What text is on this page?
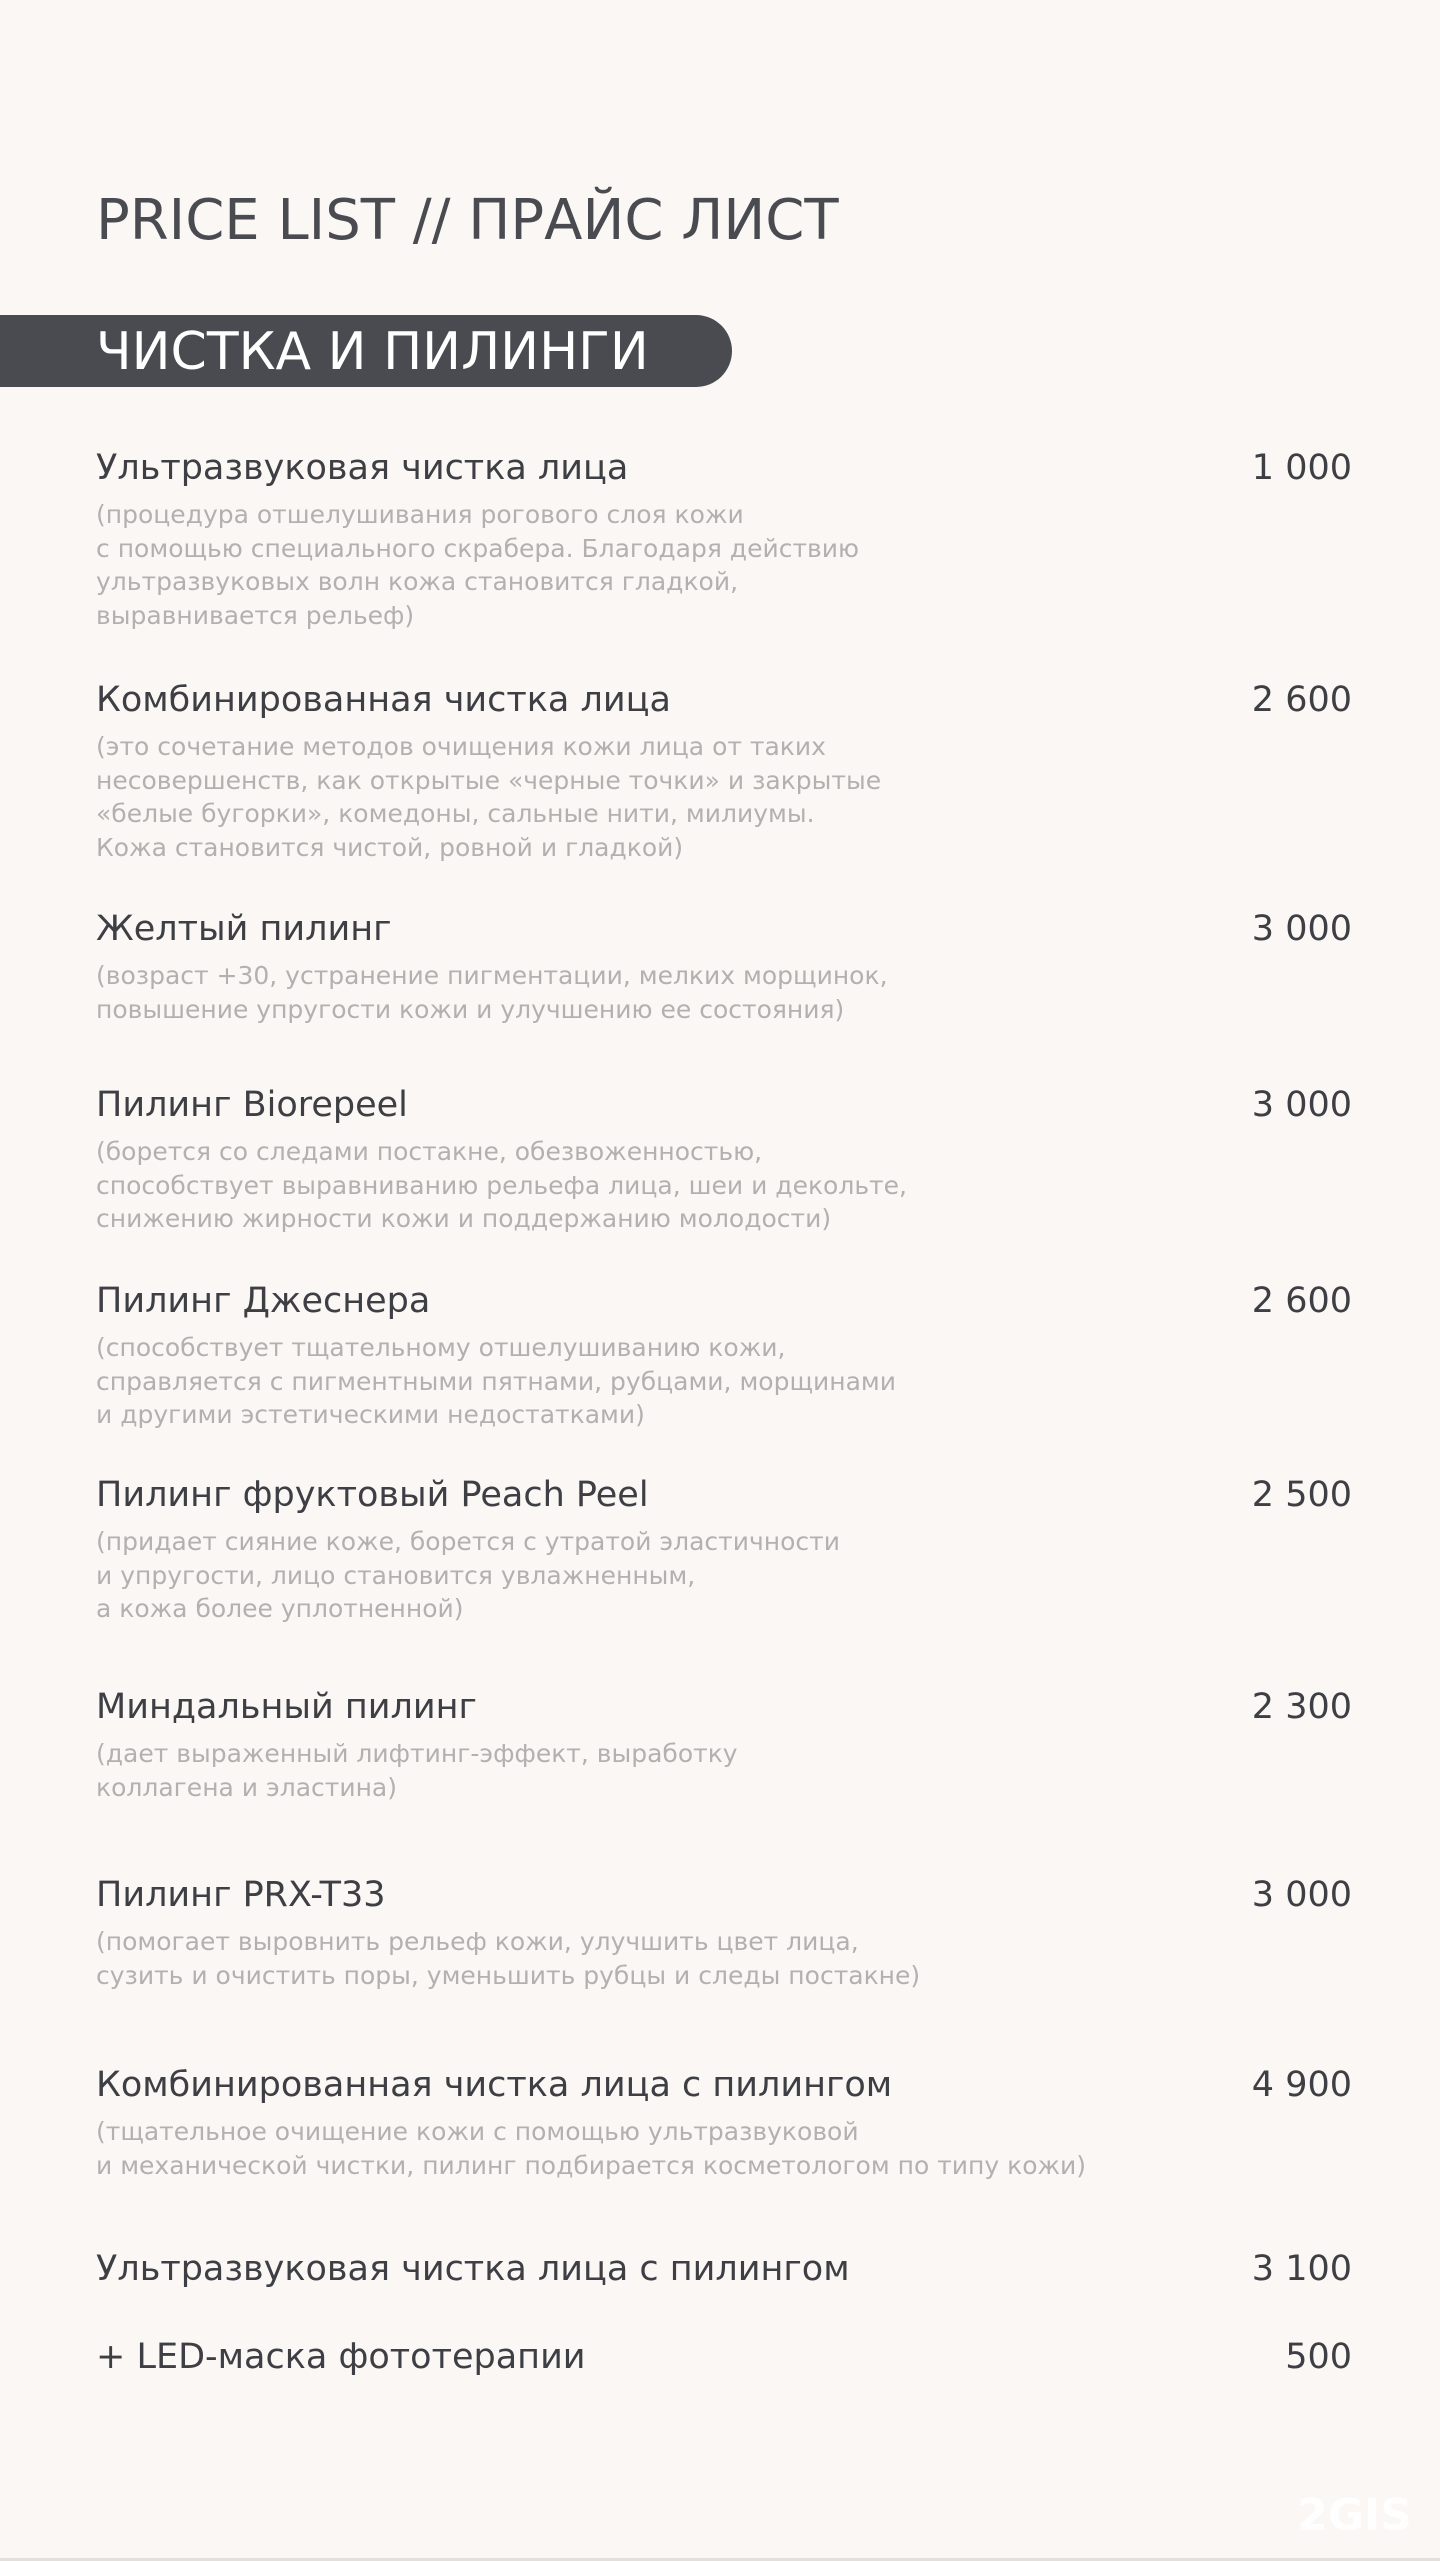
PRICE LIST // ПРАЙС ЛИСТ
ЧИСТКА И ПИЛИНГИ
Ультразвуковая чистка лица	1 000
(процедура отшелушивания рогового слоя кожи
с помощью специального скрабера. Благодаря действию
ультразвуковых волн кожа становится гладкой,
выравнивается рельеф)
Комбинированная чистка лица	2 600
(это сочетание методов очищения кожи лица от таких
несовершенств, как открытые «черные точки» и закрытые
«белые бугорки», комедоны, сальные нити, милиумы.
Кожа становится чистой, ровной и гладкой)
Желтый пилинг	3 000
(возраст +30, устранение пигментации, мелких морщинок,
повышение упругости кожи и улучшению ее состояния)
Пилинг Biorepeel	3 000
(борется со следами постакне, обезвоженностью,
способствует выравниванию рельефа лица, шеи и декольте,
снижению жирности кожи и поддержанию молодости)
Пилинг Джеснера	2 600
(способствует тщательному отшелушиванию кожи,
справляется с пигментными пятнами, рубцами, морщинами
и другими эстетическими недостатками)
Пилинг фруктовый Peach Peel	2 500
(придает сияние коже, борется с утратой эластичности
и упругости, лицо становится увлажненным,
а кожа более уплотненной)
Миндальный пилинг	2 300
(дает выраженный лифтинг-эффект, выработку
коллагена и эластина)
Пилинг PRX-T33	3 000
(помогает выровнить рельеф кожи, улучшить цвет лица,
сузить и очистить поры, уменьшить рубцы и следы постакне)
Комбинированная чистка лица с пилингом	4 900
(тщательное очищение кожи с помощью ультразвуковой
и механической чистки, пилинг подбирается косметологом по типу кожи)
Ультразвуковая чистка лица с пилингом	3 100
+ LED-маска фототерапии	500
2GIS
